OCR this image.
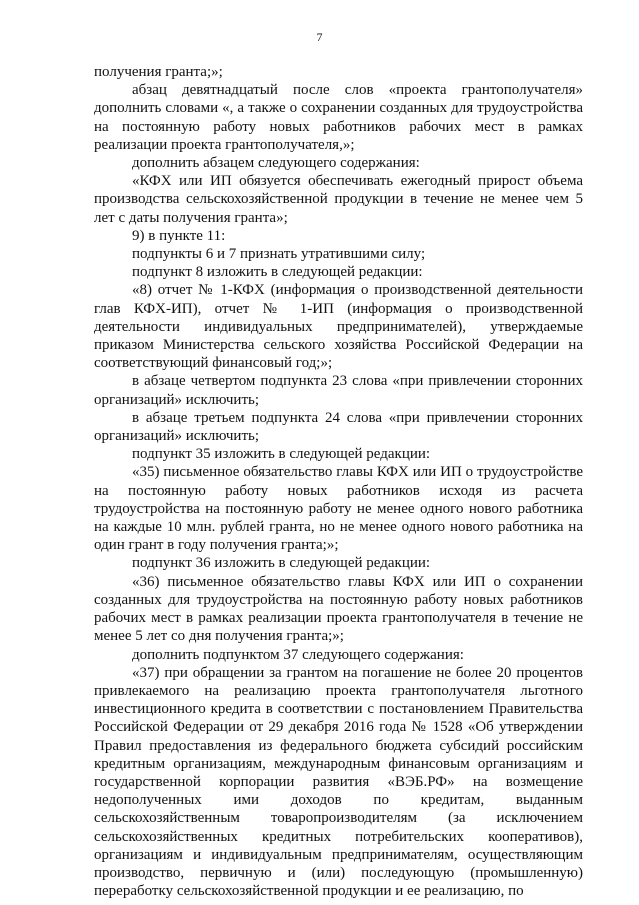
7

получения гранта;»;

абзац девятнадцатый после слов «проекта грантополучателя» дополнить словами «, а также о сохранении созданных для трудоустройства на постоянную работу новых работников рабочих мест в рамках реализации проекта грантополучателя,»;

дополнить абзацем следующего содержания:

«КФХ или ИП обязуется обеспечивать ежегодный прирост объема производства сельскохозяйственной продукции в течение не менее чем 5 лет с даты получения гранта»;

9) в пункте 11:

подпункты 6 и 7 признать утратившими силу;

подпункт 8 изложить в следующей редакции:

«8) отчет № 1-КФХ (информация о производственной деятельности глав КФХ-ИП), отчет № 1-ИП (информация о производственной деятельности индивидуальных предпринимателей), утверждаемые приказом Министерства сельского хозяйства Российской Федерации на соответствующий финансовый год;»;

в абзаце четвертом подпункта 23 слова «при привлечении сторонних организаций» исключить;

в абзаце третьем подпункта 24 слова «при привлечении сторонних организаций» исключить;

подпункт 35 изложить в следующей редакции:

«35) письменное обязательство главы КФХ или ИП о трудоустройстве на постоянную работу новых работников исходя из расчета трудоустройства на постоянную работу не менее одного нового работника на каждые 10 млн. рублей гранта, но не менее одного нового работника на один грант в году получения гранта;»;

подпункт 36 изложить в следующей редакции:

«36) письменное обязательство главы КФХ или ИП о сохранении созданных для трудоустройства на постоянную работу новых работников рабочих мест в рамках реализации проекта грантополучателя в течение не менее 5 лет со дня получения гранта;»;

дополнить подпунктом 37 следующего содержания:

«37) при обращении за грантом на погашение не более 20 процентов привлекаемого на реализацию проекта грантополучателя льготного инвестиционного кредита в соответствии с постановлением Правительства Российской Федерации от 29 декабря 2016 года № 1528 «Об утверждении Правил предоставления из федерального бюджета субсидий российским кредитным организациям, международным финансовым организациям и государственной корпорации развития «ВЭБ.РФ» на возмещение недополученных ими доходов по кредитам, выданным сельскохозяйственным товаропроизводителям (за исключением сельскохозяйственных кредитных потребительских кооперативов), организациям и индивидуальным предпринимателям, осуществляющим производство, первичную и (или) последующую (промышленную) переработку сельскохозяйственной продукции и ее реализацию, по
